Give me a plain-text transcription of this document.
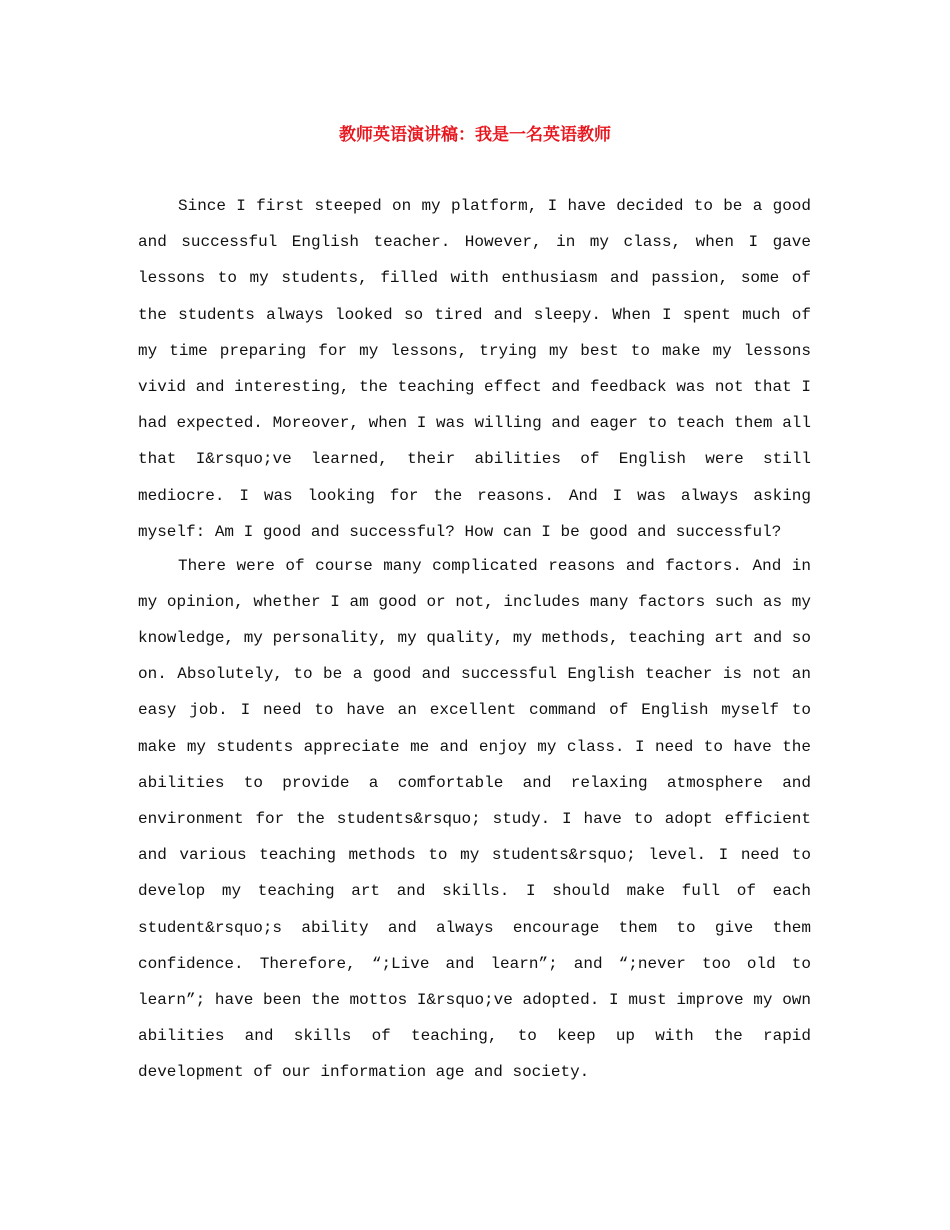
教师英语演讲稿：我是一名英语教师

Since I first steeped on my platform, I have decided to be a good and successful English teacher. However, in my class, when I gave lessons to my students, filled with enthusiasm and passion, some of the students always looked so tired and sleepy. When I spent much of my time preparing for my lessons, trying my best to make my lessons vivid and interesting, the teaching effect and feedback was not that I had expected. Moreover, when I was willing and eager to teach them all that I&rsquo;ve learned, their abilities of English were still mediocre. I was looking for the reasons. And I was always asking myself: Am I good and successful? How can I be good and successful?

There were of course many complicated reasons and factors. And in my opinion, whether I am good or not, includes many factors such as my knowledge, my personality, my quality, my methods, teaching art and so on. Absolutely, to be a good and successful English teacher is not an easy job. I need to have an excellent command of English myself to make my students appreciate me and enjoy my class. I need to have the abilities to provide a comfortable and relaxing atmosphere and environment for the students&rsquo; study. I have to adopt efficient and various teaching methods to my students&rsquo; level. I need to develop my teaching art and skills. I should make full of each student&rsquo;s ability and always encourage them to give them confidence. Therefore, “;Live and learn”; and “;never too old to learn”; have been the mottos I&rsquo;ve adopted. I must improve my own abilities and skills of teaching, to keep up with the rapid development of our information age and society.
